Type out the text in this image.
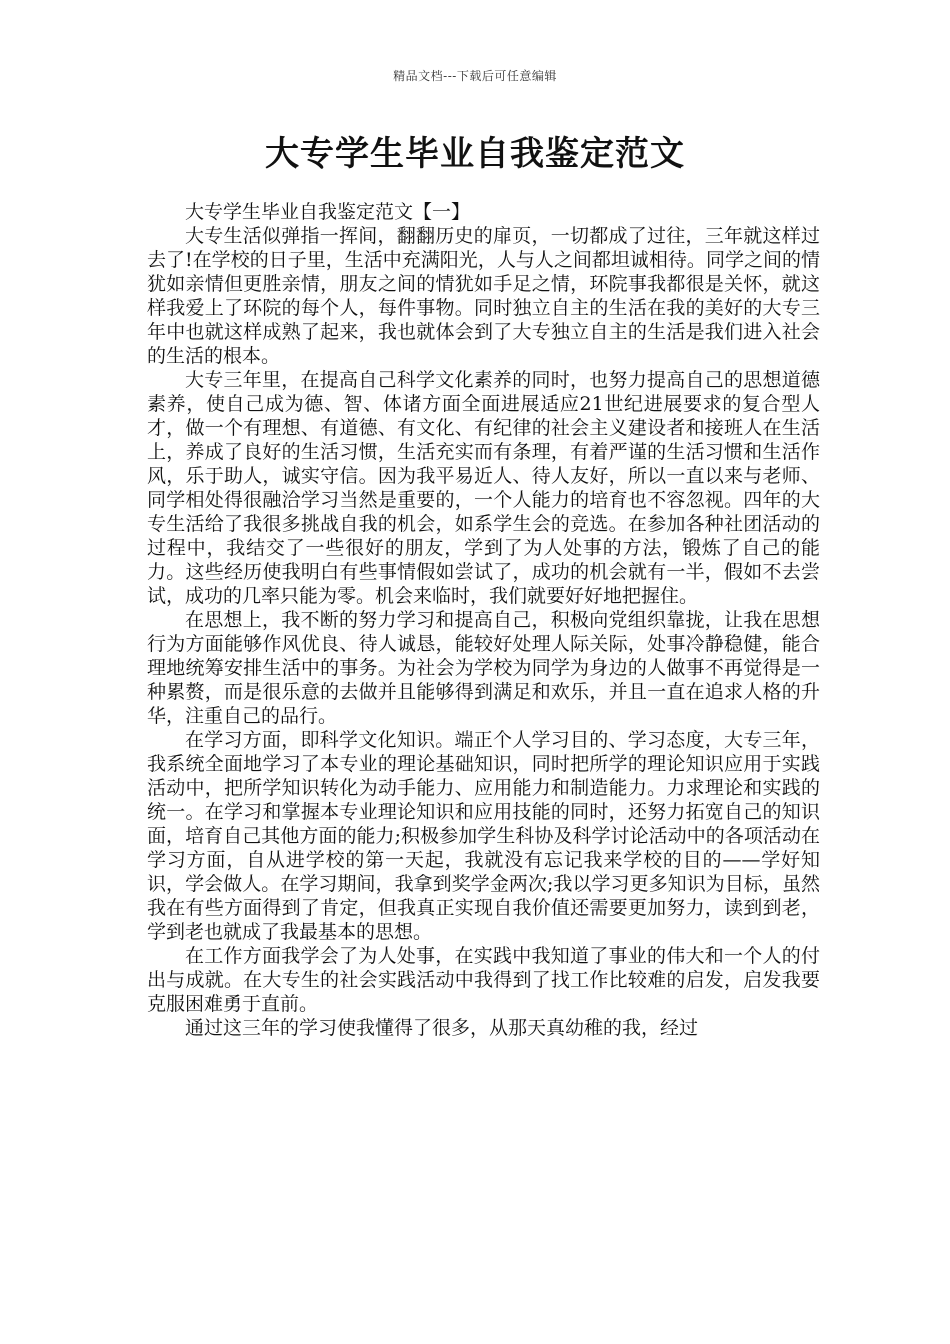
精品文档---下载后可任意编辑
大专学生毕业自我鉴定范文

大专学生毕业自我鉴定范文【一】

大专生活似弹指一挥间，翻翻历史的扉页，一切都成了过往，三年就这样过去了!在学校的日子里，生活中充满阳光，人与人之间都坦诚相待。同学之间的情犹如亲情但更胜亲情，朋友之间的情犹如手足之情，环院事我都很是关怀，就这样我爱上了环院的每个人，每件事物。同时独立自主的生活在我的美好的大专三年中也就这样成熟了起来，我也就体会到了大专独立自主的生活是我们进入社会的生活的根本。

大专三年里，在提高自己科学文化素养的同时，也努力提高自己的思想道德素养，使自己成为德、智、体诸方面全面进展适应21世纪进展要求的复合型人才，做一个有理想、有道德、有文化、有纪律的社会主义建设者和接班人在生活上，养成了良好的生活习惯，生活充实而有条理，有着严谨的生活习惯和生活作风，乐于助人，诚实守信。因为我平易近人、待人友好，所以一直以来与老师、同学相处得很融洽学习当然是重要的，一个人能力的培育也不容忽视。四年的大专生活给了我很多挑战自我的机会，如系学生会的竞选。在参加各种社团活动的过程中，我结交了一些很好的朋友，学到了为人处事的方法，锻炼了自己的能力。这些经历使我明白有些事情假如尝试了，成功的机会就有一半，假如不去尝试，成功的几率只能为零。机会来临时，我们就要好好地把握住。

在思想上，我不断的努力学习和提高自己，积极向党组织靠拢，让我在思想行为方面能够作风优良、待人诚恳，能较好处理人际关际，处事冷静稳健，能合理地统筹安排生活中的事务。为社会为学校为同学为身边的人做事不再觉得是一种累赘，而是很乐意的去做并且能够得到满足和欢乐，并且一直在追求人格的升华，注重自己的品行。

在学习方面，即科学文化知识。端正个人学习目的、学习态度，大专三年，我系统全面地学习了本专业的理论基础知识，同时把所学的理论知识应用于实践活动中，把所学知识转化为动手能力、应用能力和制造能力。力求理论和实践的统一。在学习和掌握本专业理论知识和应用技能的同时，还努力拓宽自己的知识面，培育自己其他方面的能力;积极参加学生科协及科学讨论活动中的各项活动在学习方面，自从进学校的第一天起，我就没有忘记我来学校的目的——学好知识，学会做人。在学习期间，我拿到奖学金两次;我以学习更多知识为目标，虽然我在有些方面得到了肯定，但我真正实现自我价值还需要更加努力，读到到老，学到老也就成了我最基本的思想。

在工作方面我学会了为人处事，在实践中我知道了事业的伟大和一个人的付出与成就。在大专生的社会实践活动中我得到了找工作比较难的启发，启发我要克服困难勇于直前。

通过这三年的学习使我懂得了很多，从那天真幼稚的我，经过
